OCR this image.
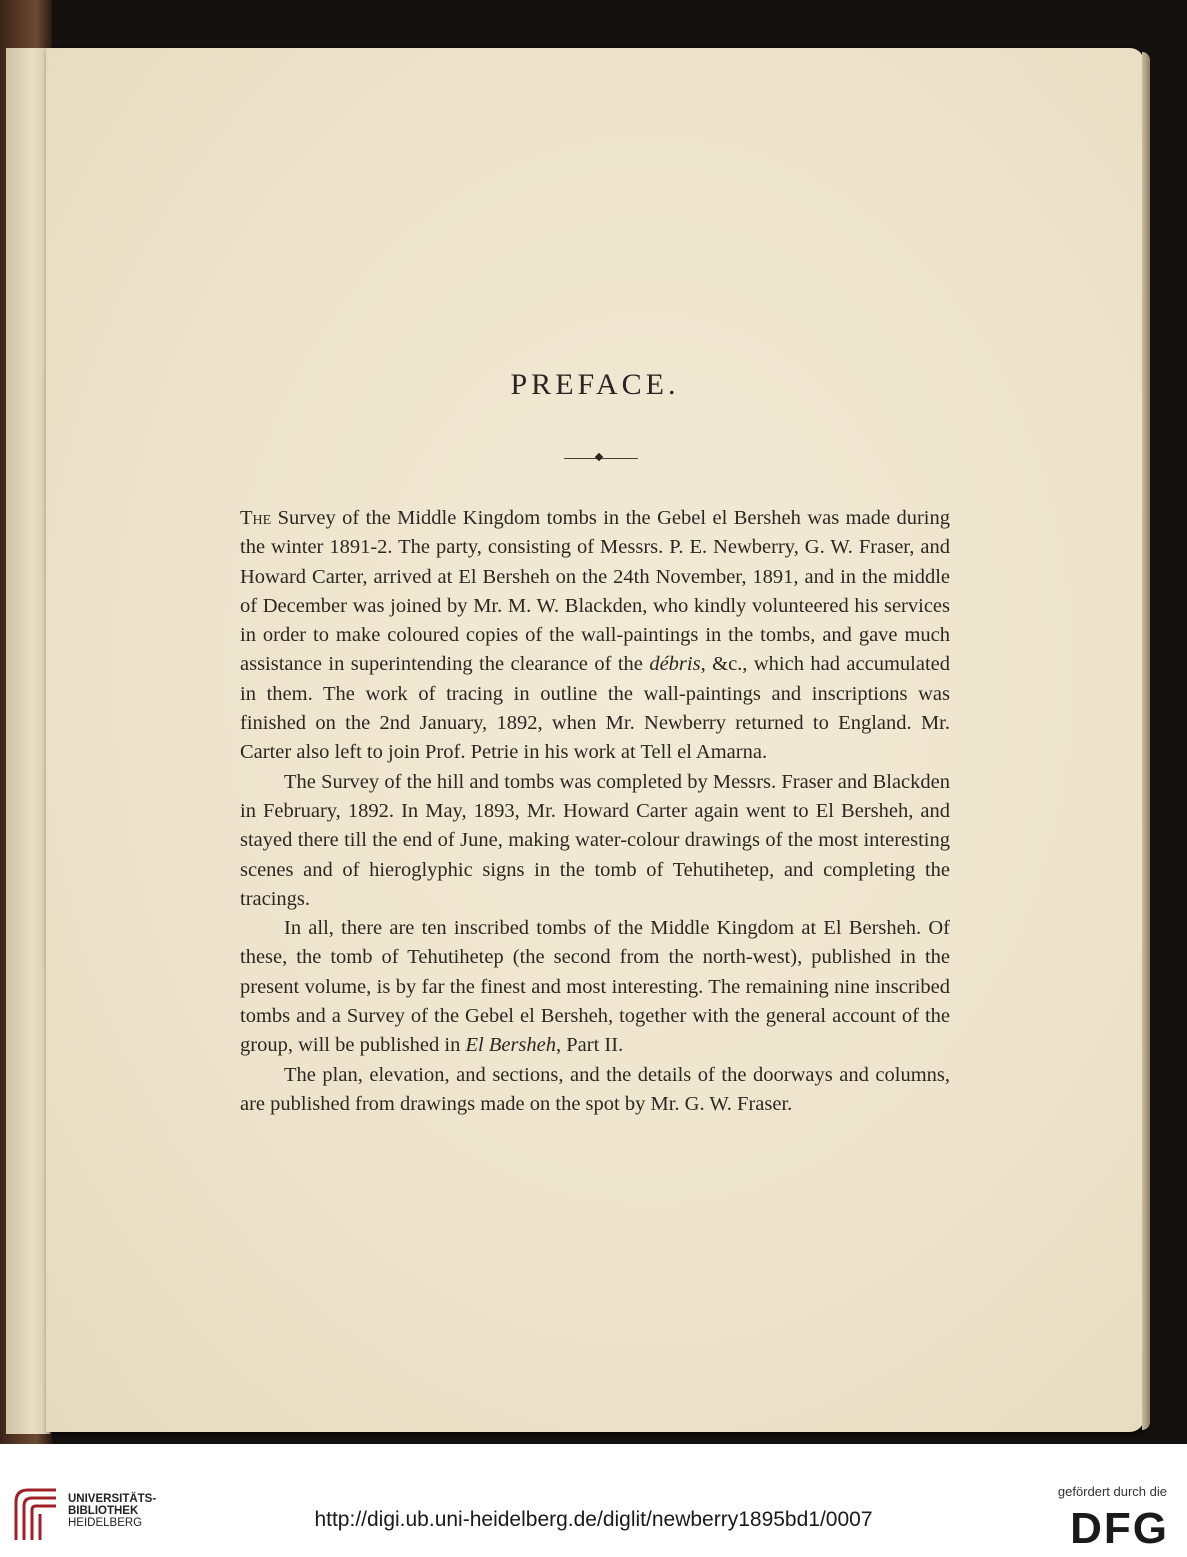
PREFACE.

The Survey of the Middle Kingdom tombs in the Gebel el Bersheh was made during the winter 1891-2. The party, consisting of Messrs. P. E. Newberry, G. W. Fraser, and Howard Carter, arrived at El Bersheh on the 24th November, 1891, and in the middle of December was joined by Mr. M. W. Blackden, who kindly volunteered his services in order to make coloured copies of the wall-paintings in the tombs, and gave much assistance in superintending the clearance of the débris, &c., which had accumulated in them. The work of tracing in outline the wall-paintings and inscriptions was finished on the 2nd January, 1892, when Mr. Newberry returned to England. Mr. Carter also left to join Prof. Petrie in his work at Tell el Amarna.

The Survey of the hill and tombs was completed by Messrs. Fraser and Blackden in February, 1892. In May, 1893, Mr. Howard Carter again went to El Bersheh, and stayed there till the end of June, making water-colour drawings of the most interesting scenes and of hieroglyphic signs in the tomb of Tehutihetep, and completing the tracings.

In all, there are ten inscribed tombs of the Middle Kingdom at El Bersheh. Of these, the tomb of Tehutihetep (the second from the north-west), published in the present volume, is by far the finest and most interesting. The remaining nine inscribed tombs and a Survey of the Gebel el Bersheh, together with the general account of the group, will be published in El Bersheh, Part II.

The plan, elevation, and sections, and the details of the doorways and columns, are published from drawings made on the spot by Mr. G. W. Fraser.

UNIVERSITÄTS-
BIBLIOTHEK
HEIDELBERG	http://digi.ub.uni-heidelberg.de/diglit/newberry1895bd1/0007
gefördert durch die
DFG
